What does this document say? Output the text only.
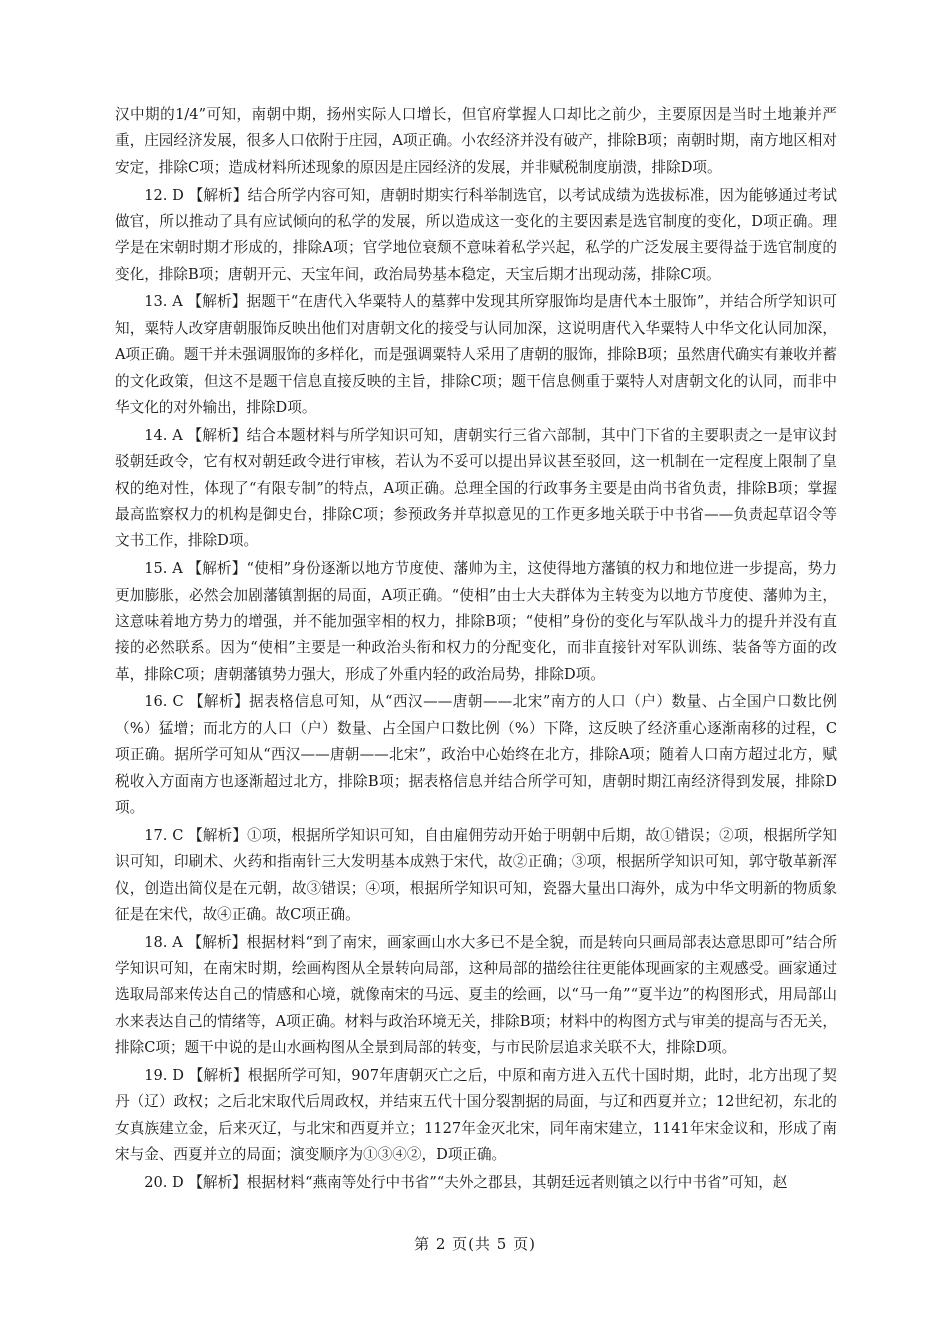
汉中期的1/4”可知，南朝中期，扬州实际人口增长，但官府掌握人口却比之前少，主要原因是当时土地兼并严重，庄园经济发展，很多人口依附于庄园，A项正确。小农经济并没有破产，排除B项；南朝时期，南方地区相对安定，排除C项；造成材料所述现象的原因是庄园经济的发展，并非赋税制度崩溃，排除D项。

12. D 【解析】结合所学内容可知，唐朝时期实行科举制选官，以考试成绩为选拔标准，因为能够通过考试做官，所以推动了具有应试倾向的私学的发展，所以造成这一变化的主要因素是选官制度的变化，D项正确。理学是在宋朝时期才形成的，排除A项；官学地位衰颓不意味着私学兴起，私学的广泛发展主要得益于选官制度的变化，排除B项；唐朝开元、天宝年间，政治局势基本稳定，天宝后期才出现动荡，排除C项。

13. A 【解析】据题干“在唐代入华粟特人的墓葬中发现其所穿服饰均是唐代本土服饰”，并结合所学知识可知，粟特人改穿唐朝服饰反映出他们对唐朝文化的接受与认同加深，这说明唐代入华粟特人中华文化认同加深，A项正确。题干并未强调服饰的多样化，而是强调粟特人采用了唐朝的服饰，排除B项；虽然唐代确实有兼收并蓄的文化政策，但这不是题干信息直接反映的主旨，排除C项；题干信息侧重于粟特人对唐朝文化的认同，而非中华文化的对外输出，排除D项。

14. A 【解析】结合本题材料与所学知识可知，唐朝实行三省六部制，其中门下省的主要职责之一是审议封驳朝廷政令，它有权对朝廷政令进行审核，若认为不妥可以提出异议甚至驳回，这一机制在一定程度上限制了皇权的绝对性，体现了“有限专制”的特点，A项正确。总理全国的行政事务主要是由尚书省负责，排除B项；掌握最高监察权力的机构是御史台，排除C项；参预政务并草拟意见的工作更多地关联于中书省——负责起草诏令等文书工作，排除D项。

15. A 【解析】“使相”身份逐渐以地方节度使、藩帅为主，这使得地方藩镇的权力和地位进一步提高，势力更加膨胀，必然会加剧藩镇割据的局面，A项正确。“使相”由士大夫群体为主转变为以地方节度使、藩帅为主，这意味着地方势力的增强，并不能加强宰相的权力，排除B项；“使相”身份的变化与军队战斗力的提升并没有直接的必然联系。因为“使相”主要是一种政治头衔和权力的分配变化，而非直接针对军队训练、装备等方面的改革，排除C项；唐朝藩镇势力强大，形成了外重内轻的政治局势，排除D项。

16. C 【解析】据表格信息可知，从“西汉——唐朝——北宋”南方的人口（户）数量、占全国户口数比例（%）猛增；而北方的人口（户）数量、占全国户口数比例（%）下降，这反映了经济重心逐渐南移的过程，C项正确。据所学可知从“西汉——唐朝——北宋”，政治中心始终在北方，排除A项；随着人口南方超过北方，赋税收入方面南方也逐渐超过北方，排除B项；据表格信息并结合所学可知，唐朝时期江南经济得到发展，排除D项。

17. C 【解析】①项，根据所学知识可知，自由雇佣劳动开始于明朝中后期，故①错误；②项，根据所学知识可知，印刷术、火药和指南针三大发明基本成熟于宋代，故②正确；③项，根据所学知识可知，郭守敬革新浑仪，创造出简仪是在元朝，故③错误；④项，根据所学知识可知，瓷器大量出口海外，成为中华文明新的物质象征是在宋代，故④正确。故C项正确。

18. A 【解析】根据材料“到了南宋，画家画山水大多已不是全貌，而是转向只画局部表达意思即可”结合所学知识可知，在南宋时期，绘画构图从全景转向局部，这种局部的描绘往往更能体现画家的主观感受。画家通过选取局部来传达自己的情感和心境，就像南宋的马远、夏圭的绘画，以“马一角”“夏半边”的构图形式，用局部山水来表达自己的情绪等，A项正确。材料与政治环境无关，排除B项；材料中的构图方式与审美的提高与否无关，排除C项；题干中说的是山水画构图从全景到局部的转变，与市民阶层追求关联不大，排除D项。

19. D 【解析】根据所学可知，907年唐朝灭亡之后，中原和南方进入五代十国时期，此时，北方出现了契丹（辽）政权；之后北宋取代后周政权，并结束五代十国分裂割据的局面，与辽和西夏并立；12世纪初，东北的女真族建立金，后来灭辽，与北宋和西夏并立；1127年金灭北宋，同年南宋建立，1141年宋金议和，形成了南宋与金、西夏并立的局面；演变顺序为①③④②，D项正确。

20. D 【解析】根据材料“燕南等处行中书省”“夫外之郡县，其朝廷远者则镇之以行中书省”可知，赵

第 2 页(共 5 页)
